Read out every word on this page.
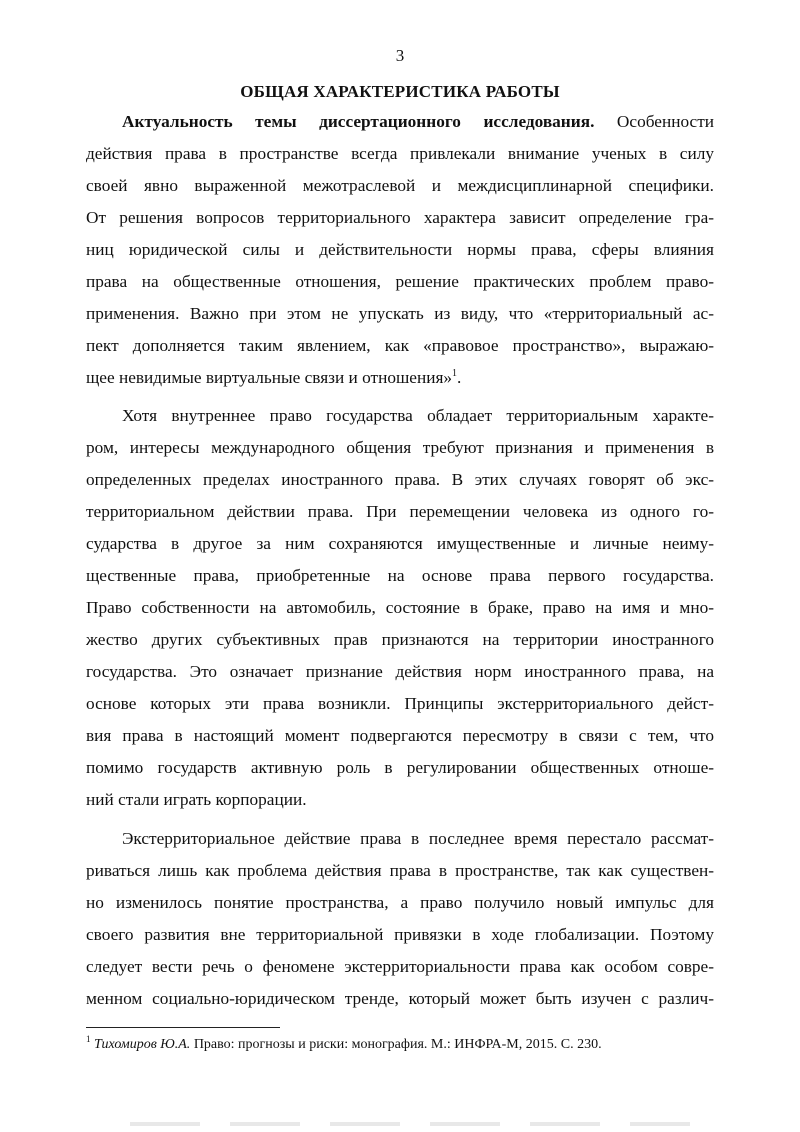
3
ОБЩАЯ ХАРАКТЕРИСТИКА РАБОТЫ
Актуальность темы диссертационного исследования. Особенности
действия права в пространстве всегда привлекали внимание ученых в силу
своей явно выраженной межотраслевой и междисциплинарной специфики.
От решения вопросов территориального характера зависит определение гра-
ниц юридической силы и действительности нормы права, сферы влияния
права на общественные отношения, решение практических проблем право-
применения. Важно при этом не упускать из виду, что «территориальный ас-
пект дополняется таким явлением, как «правовое пространство», выражаю-
щее невидимые виртуальные связи и отношения»$^1$.
Хотя внутреннее право государства обладает территориальным характе-
ром, интересы международного общения требуют признания и применения в
определенных пределах иностранного права. В этих случаях говорят об экс-
территориальном действии права. При перемещении человека из одного го-
сударства в другое за ним сохраняются имущественные и личные неиму-
щественные права, приобретенные на основе права первого государства.
Право собственности на автомобиль, состояние в браке, право на имя и мно-
жество других субъективных прав признаются на территории иностранного
государства. Это означает признание действия норм иностранного права, на
основе которых эти права возникли. Принципы экстерриториального дейст-
вия права в настоящий момент подвергаются пересмотру в связи с тем, что
помимо государств активную роль в регулировании общественных отноше-
ний стали играть корпорации.
Экстерриториальное действие права в последнее время перестало рассмат-
риваться лишь как проблема действия права в пространстве, так как существен-
но изменилось понятие пространства, а право получило новый импульс для
своего развития вне территориальной привязки в ходе глобализации. Поэтому
следует вести речь о феномене экстерриториальности права как особом совре-
менном социально-юридическом тренде, который может быть изучен с различ-
$^1$ Тихомиров Ю.А. Право: прогнозы и риски: монография. М.: ИНФРА-М, 2015. С. 230.
